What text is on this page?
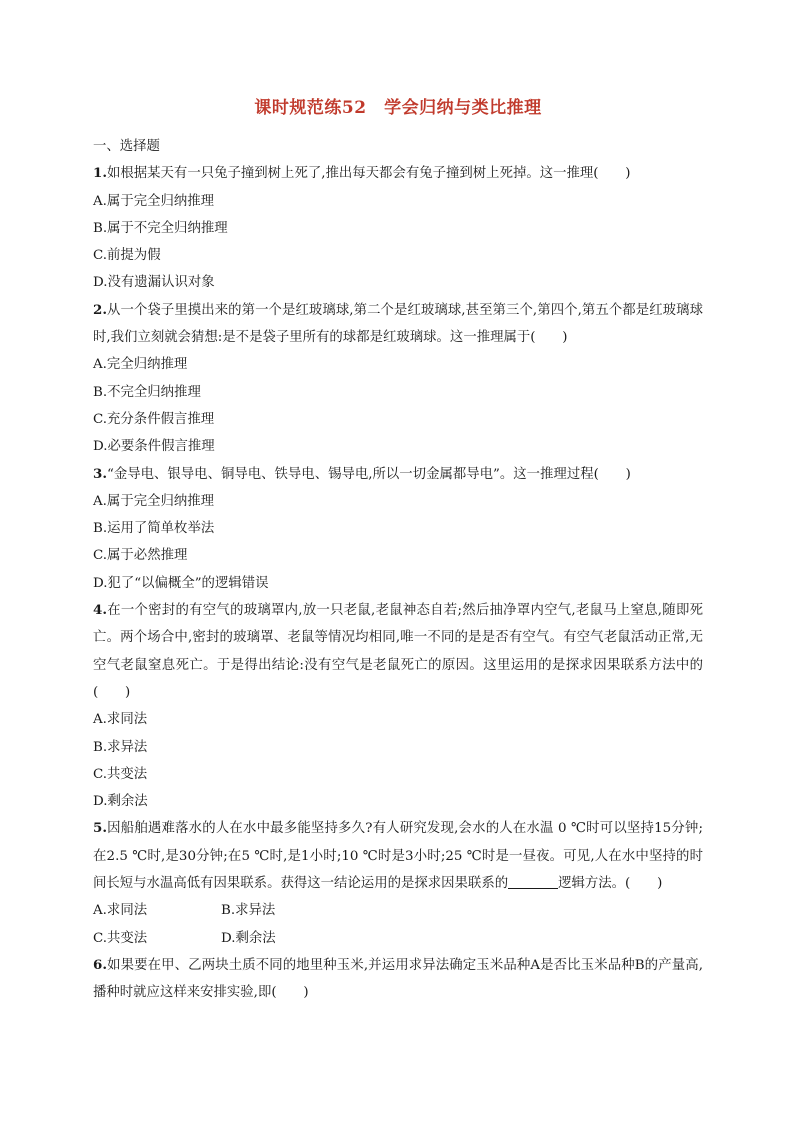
课时规范练52　学会归纳与类比推理

一、选择题

1.如根据某天有一只兔子撞到树上死了,推出每天都会有兔子撞到树上死掉。这一推理(　　)

A.属于完全归纳推理

B.属于不完全归纳推理

C.前提为假

D.没有遗漏认识对象

2.从一个袋子里摸出来的第一个是红玻璃球,第二个是红玻璃球,甚至第三个,第四个,第五个都是红玻璃球时,我们立刻就会猜想:是不是袋子里所有的球都是红玻璃球。这一推理属于(　　)

A.完全归纳推理

B.不完全归纳推理

C.充分条件假言推理

D.必要条件假言推理

3.“金导电、银导电、铜导电、铁导电、锡导电,所以一切金属都导电”。这一推理过程(　　)

A.属于完全归纳推理

B.运用了简单枚举法

C.属于必然推理

D.犯了“以偏概全”的逻辑错误

4.在一个密封的有空气的玻璃罩内,放一只老鼠,老鼠神态自若;然后抽净罩内空气,老鼠马上窒息,随即死亡。两个场合中,密封的玻璃罩、老鼠等情况均相同,唯一不同的是是否有空气。有空气老鼠活动正常,无空气老鼠窒息死亡。于是得出结论:没有空气是老鼠死亡的原因。这里运用的是探求因果联系方法中的(　　)

A.求同法

B.求异法

C.共变法

D.剩余法

5.因船舶遇难落水的人在水中最多能坚持多久?有人研究发现,会水的人在水温 0 ℃时可以坚持15分钟;在2.5 ℃时,是30分钟;在5 ℃时,是1小时;10 ℃时是3小时;25 ℃时是一昼夜。可见,人在水中坚持的时间长短与水温高低有因果联系。获得这一结论运用的是探求因果联系的	逻辑方法。(　　)

A.求同法	B.求异法
C.共变法	D.剩余法

6.如果要在甲、乙两块土质不同的地里种玉米,并运用求异法确定玉米品种A是否比玉米品种B的产量高,播种时就应这样来安排实验,即(　　)
